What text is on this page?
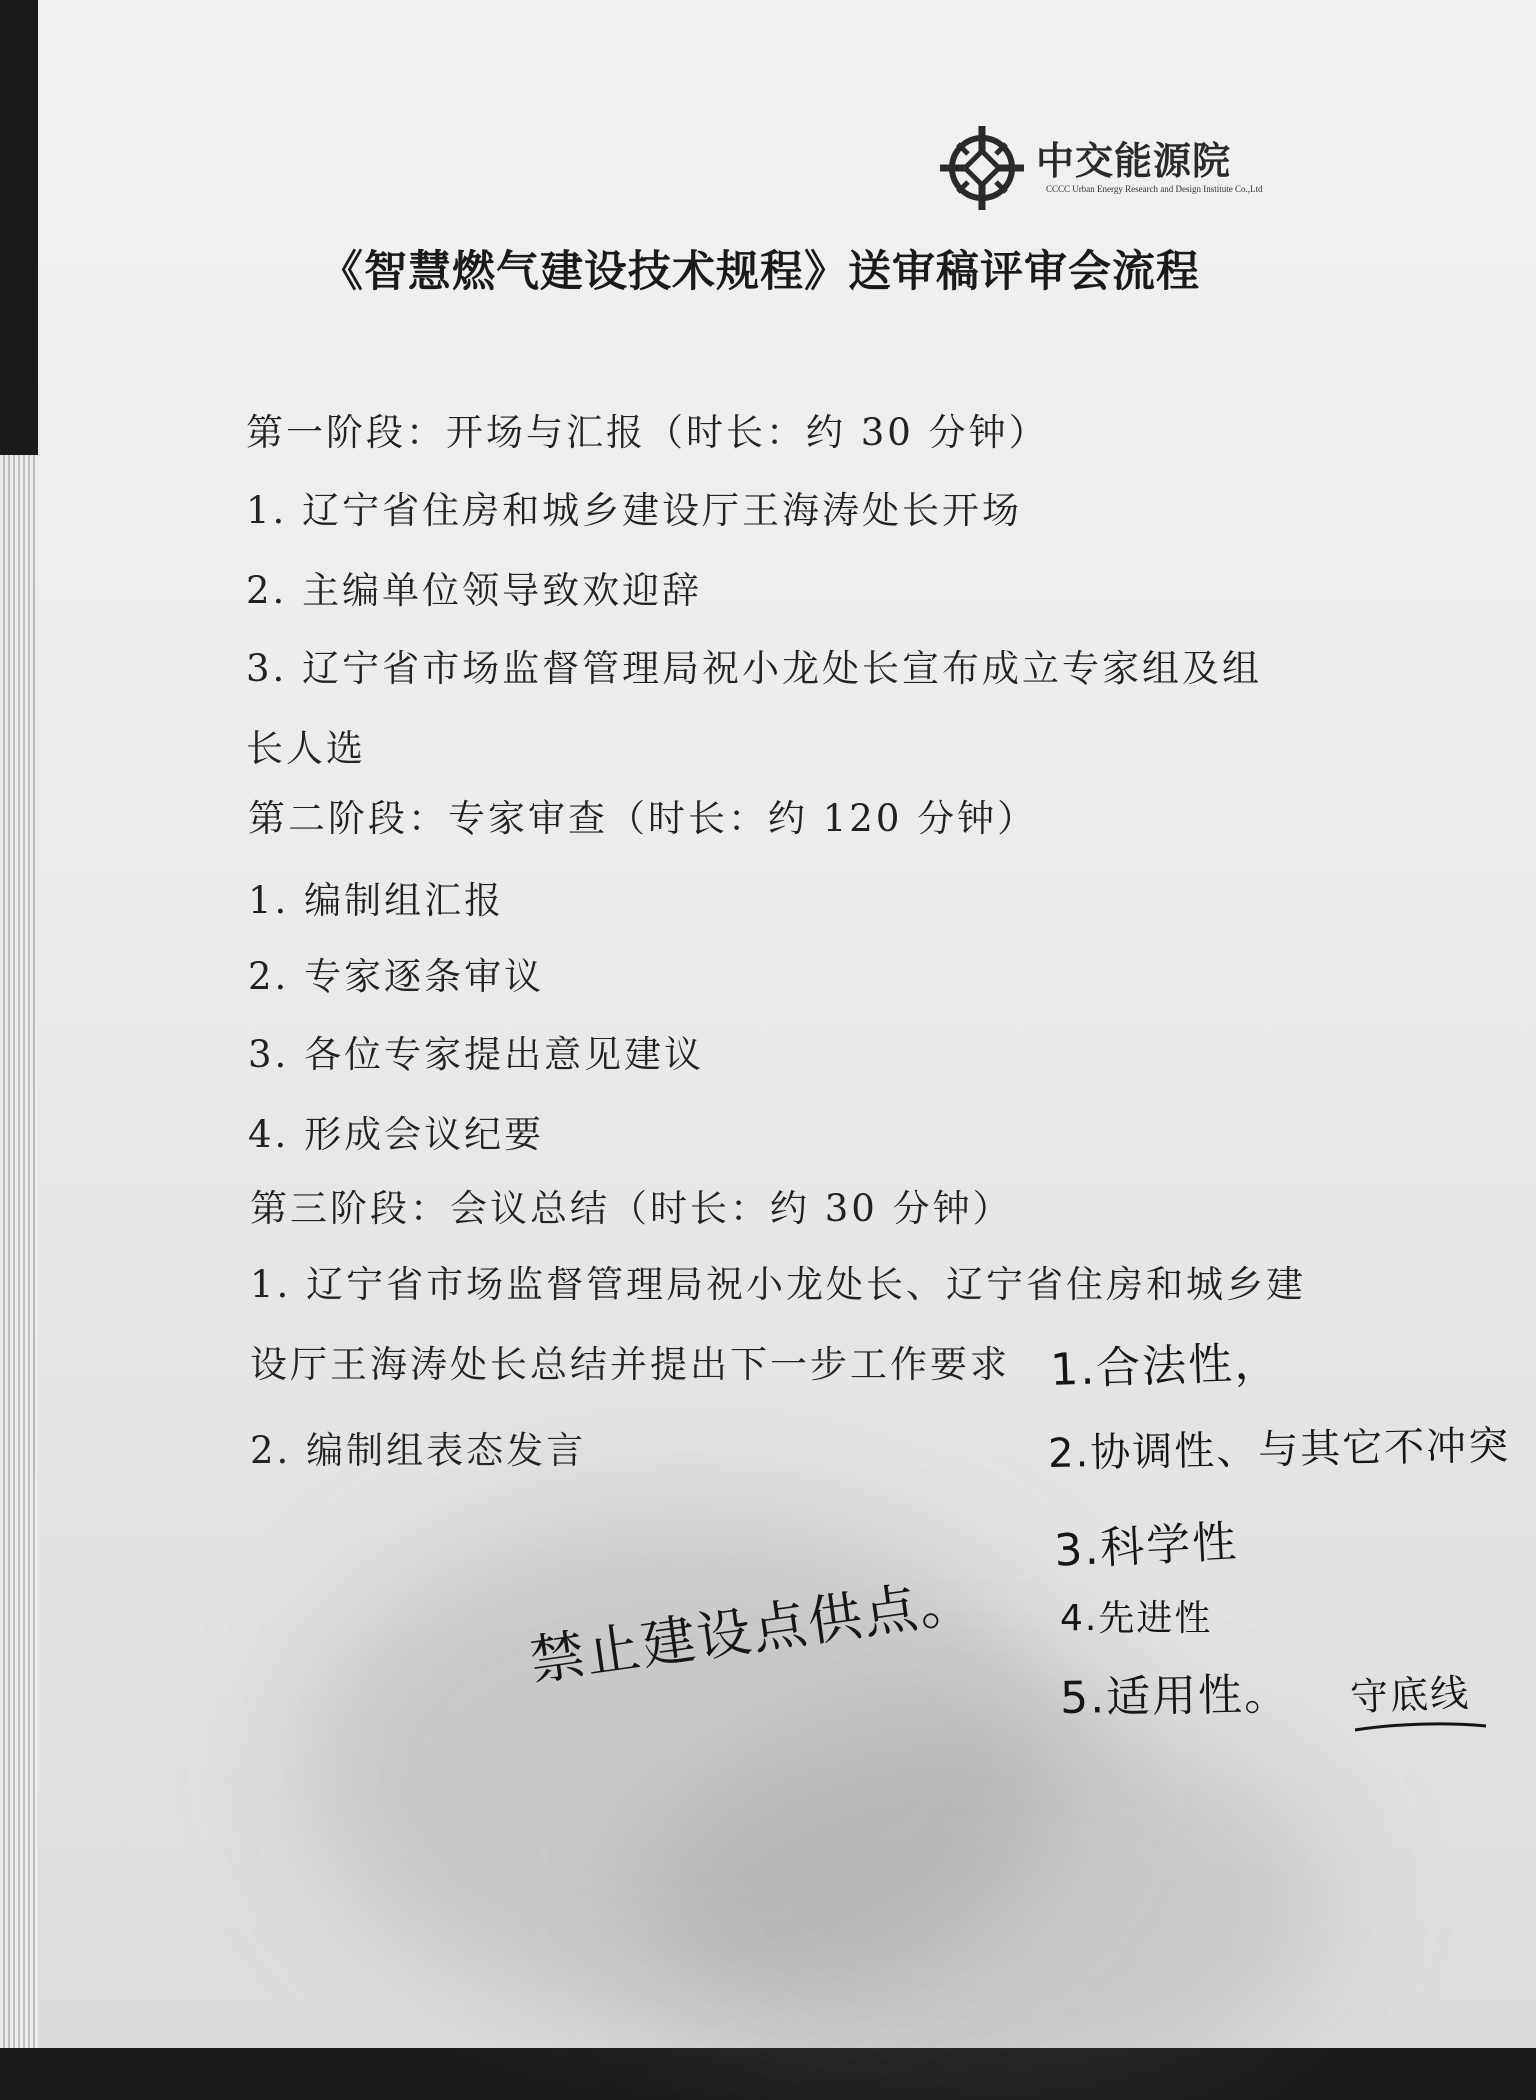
中交能源院
CCCC Urban Energy Research and Design Institute Co.,Ltd
《智慧燃气建设技术规程》送审稿评审会流程
第一阶段：开场与汇报（时长：约 30 分钟）
1. 辽宁省住房和城乡建设厅王海涛处长开场
2. 主编单位领导致欢迎辞
3. 辽宁省市场监督管理局祝小龙处长宣布成立专家组及组
长人选
第二阶段：专家审查（时长：约 120 分钟）
1. 编制组汇报
2. 专家逐条审议
3. 各位专家提出意见建议
4. 形成会议纪要
第三阶段：会议总结（时长：约 30 分钟）
1. 辽宁省市场监督管理局祝小龙处长、辽宁省住房和城乡建
设厅王海涛处长总结并提出下一步工作要求
2. 编制组表态发言
1.合法性，
2.协调性、与其它不冲突
3.科学性
4.先进性
5.适用性。 守底线
禁止建设点供点。
